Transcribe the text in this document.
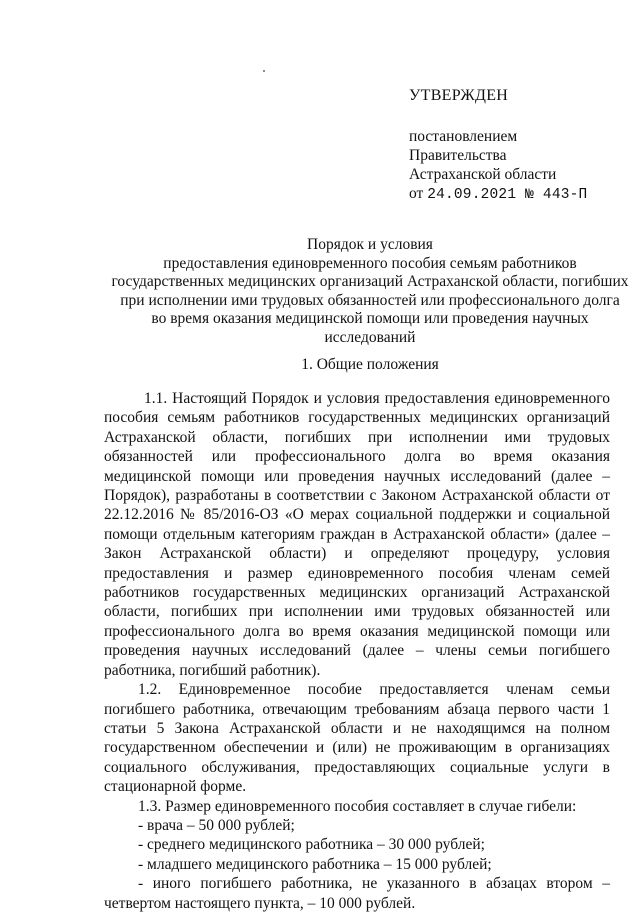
УТВЕРЖДЕН
постановлением
Правительства
Астраханской области
от 24.09.2021 № 443-П
Порядок и условия
предоставления единовременного пособия семьям работников
государственных медицинских организаций Астраханской области, погибших
при исполнении ими трудовых обязанностей или профессионального долга
во время оказания медицинской помощи или проведения научных
исследований
1. Общие положения

1.1. Настоящий Порядок и условия предоставления единовременного пособия семьям работников государственных медицинских организаций Астраханской области, погибших при исполнении ими трудовых обязанностей или профессионального долга во время оказания медицинской помощи или проведения научных исследований (далее – Порядок), разработаны в соответствии с Законом Астраханской области от 22.12.2016 № 85/2016-ОЗ «О мерах социальной поддержки и социальной помощи отдельным категориям граждан в Астраханской области» (далее – Закон Астраханской области) и определяют процедуру, условия предоставления и размер единовременного пособия членам семей работников государственных медицинских организаций Астраханской области, погибших при исполнении ими трудовых обязанностей или профессионального долга во время оказания медицинской помощи или проведения научных исследований (далее – члены семьи погибшего работника, погибший работник).

1.2. Единовременное пособие предоставляется членам семьи погибшего работника, отвечающим требованиям абзаца первого части 1 статьи 5 Закона Астраханской области и не находящимся на полном государственном обеспечении и (или) не проживающим в организациях социального обслуживания, предоставляющих социальные услуги в стационарной форме.

1.3. Размер единовременного пособия составляет в случае гибели:

- врача – 50 000 рублей;

- среднего медицинского работника – 30 000 рублей;

- младшего медицинского работника – 15 000 рублей;

- иного погибшего работника, не указанного в абзацах втором – четвертом настоящего пункта, – 10 000 рублей.
